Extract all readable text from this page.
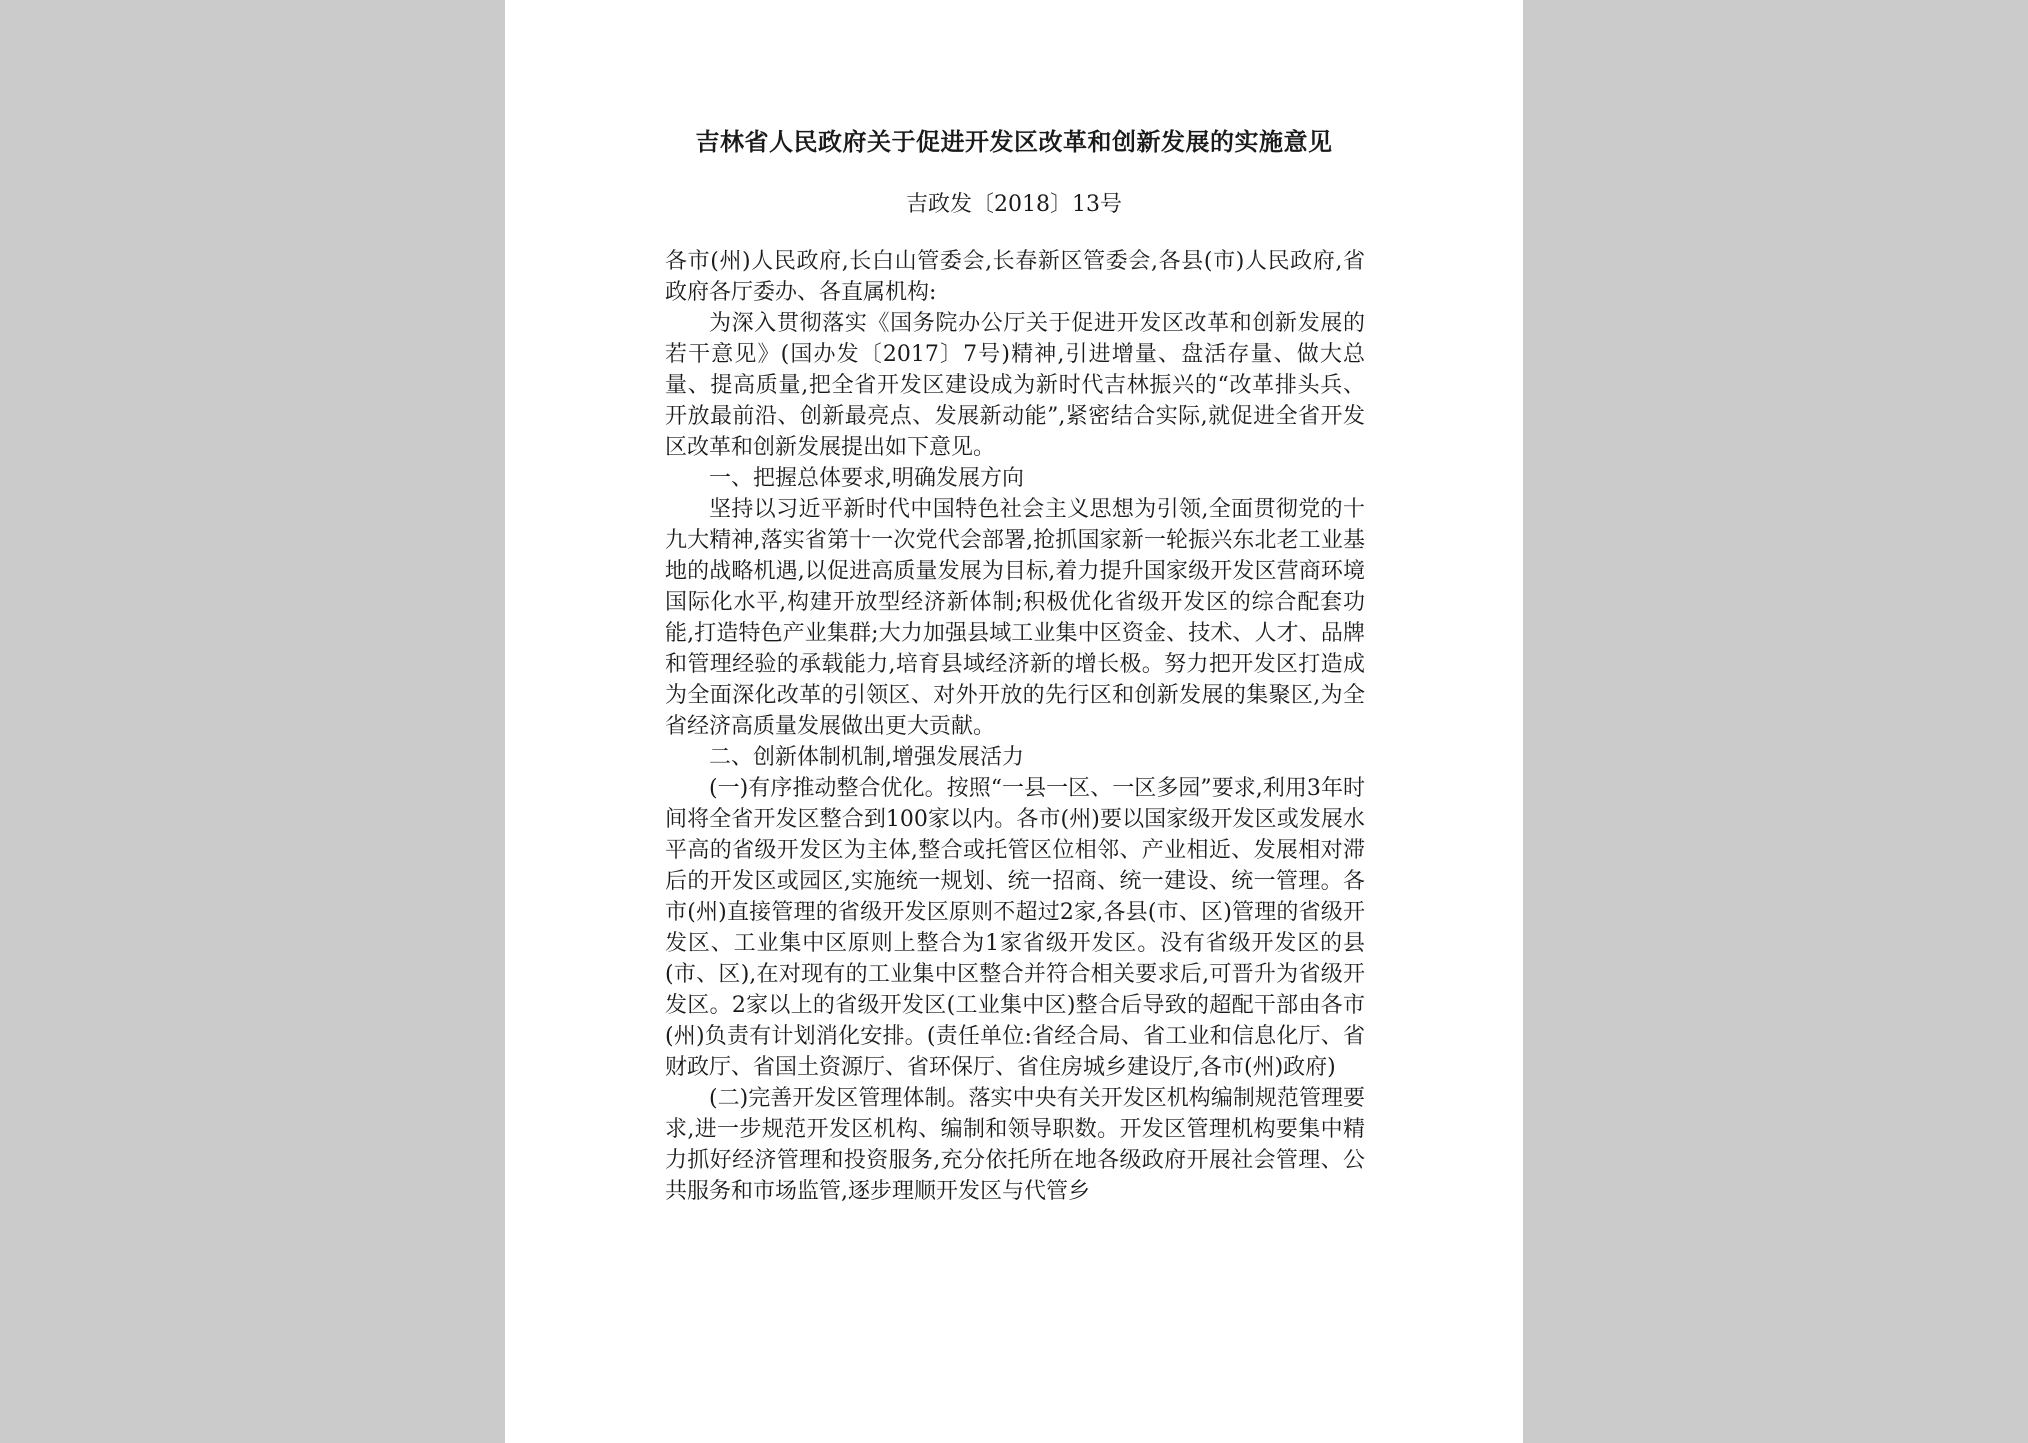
吉林省人民政府关于促进开发区改革和创新发展的实施意见
吉政发〔2018〕13号

各市(州)人民政府,长白山管委会,长春新区管委会,各县(市)人民政府,省政府各厅委办、各直属机构:

为深入贯彻落实《国务院办公厅关于促进开发区改革和创新发展的若干意见》(国办发〔2017〕7号)精神,引进增量、盘活存量、做大总量、提高质量,把全省开发区建设成为新时代吉林振兴的“改革排头兵、开放最前沿、创新最亮点、发展新动能”,紧密结合实际,就促进全省开发区改革和创新发展提出如下意见。

一、把握总体要求,明确发展方向

坚持以习近平新时代中国特色社会主义思想为引领,全面贯彻党的十九大精神,落实省第十一次党代会部署,抢抓国家新一轮振兴东北老工业基地的战略机遇,以促进高质量发展为目标,着力提升国家级开发区营商环境国际化水平,构建开放型经济新体制;积极优化省级开发区的综合配套功能,打造特色产业集群;大力加强县域工业集中区资金、技术、人才、品牌和管理经验的承载能力,培育县域经济新的增长极。努力把开发区打造成为全面深化改革的引领区、对外开放的先行区和创新发展的集聚区,为全省经济高质量发展做出更大贡献。

二、创新体制机制,增强发展活力

(一)有序推动整合优化。按照“一县一区、一区多园”要求,利用3年时间将全省开发区整合到100家以内。各市(州)要以国家级开发区或发展水平高的省级开发区为主体,整合或托管区位相邻、产业相近、发展相对滞后的开发区或园区,实施统一规划、统一招商、统一建设、统一管理。各市(州)直接管理的省级开发区原则不超过2家,各县(市、区)管理的省级开发区、工业集中区原则上整合为1家省级开发区。没有省级开发区的县(市、区),在对现有的工业集中区整合并符合相关要求后,可晋升为省级开发区。2家以上的省级开发区(工业集中区)整合后导致的超配干部由各市(州)负责有计划消化安排。(责任单位:省经合局、省工业和信息化厅、省财政厅、省国土资源厅、省环保厅、省住房城乡建设厅,各市(州)政府)

(二)完善开发区管理体制。落实中央有关开发区机构编制规范管理要求,进一步规范开发区机构、编制和领导职数。开发区管理机构要集中精力抓好经济管理和投资服务,充分依托所在地各级政府开展社会管理、公共服务和市场监管,逐步理顺开发区与代管乡
